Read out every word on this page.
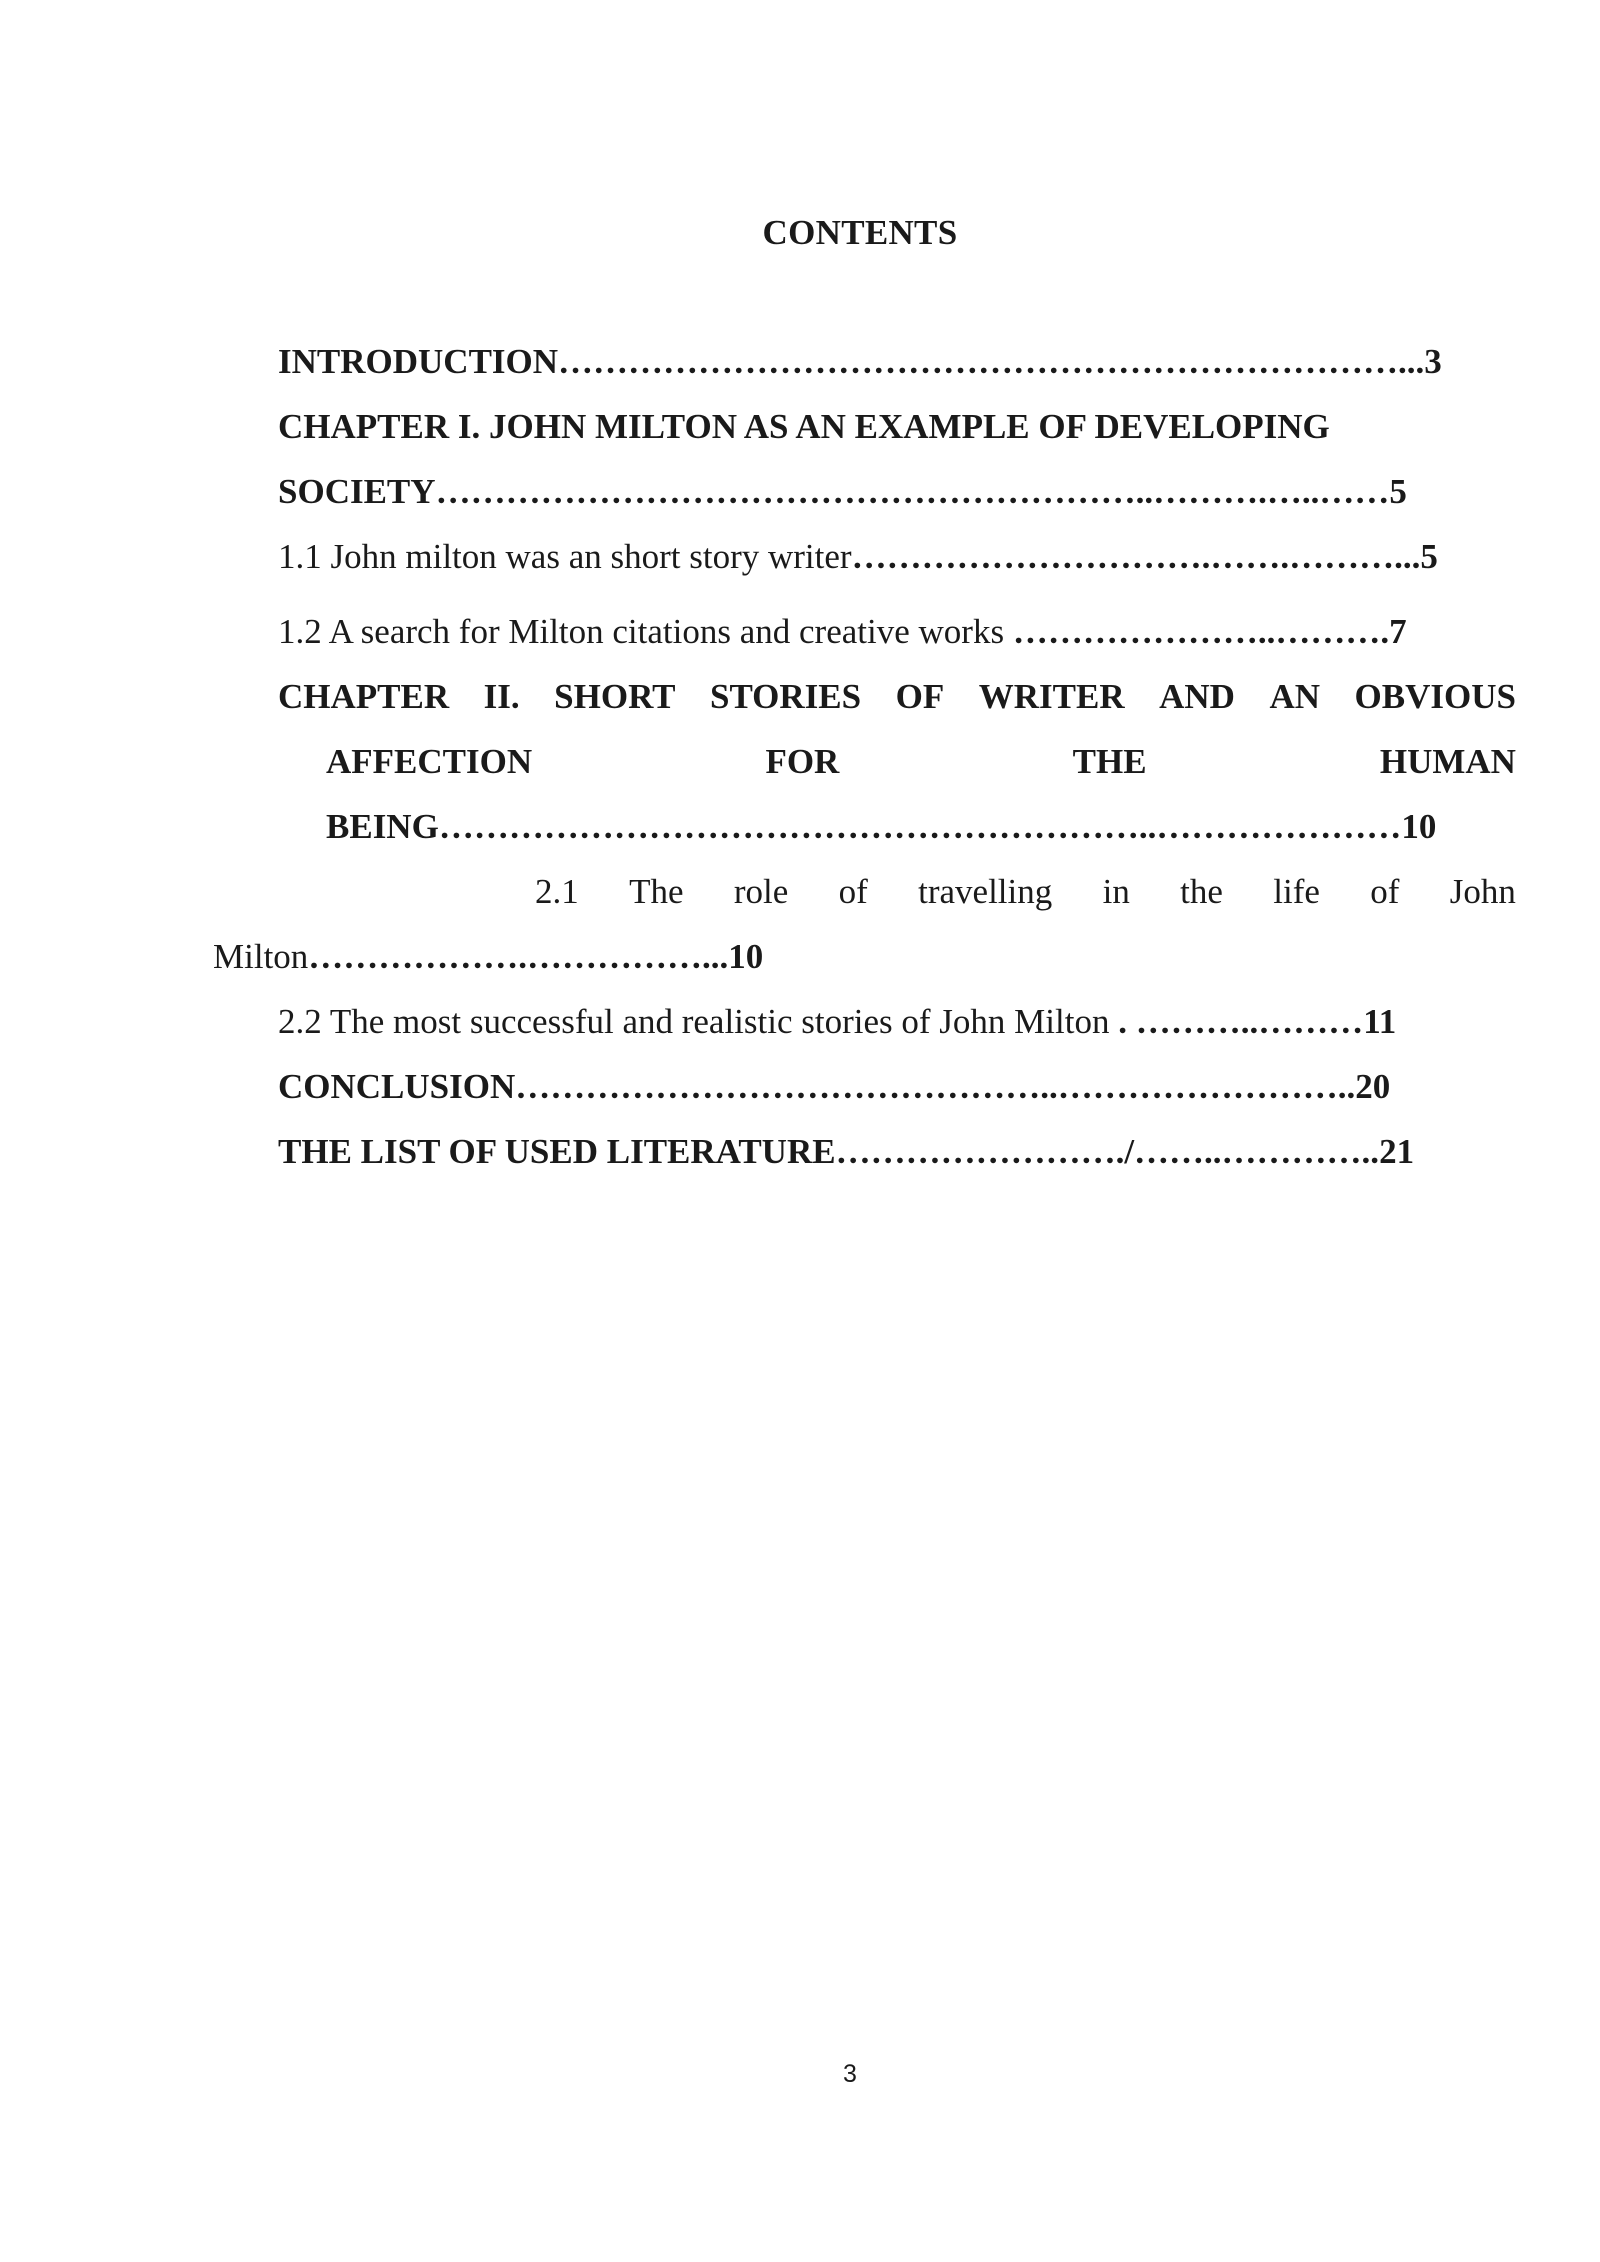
CONTENTS
INTRODUCTION………………………………………………………………...3
CHAPTER I. JOHN MILTON AS AN EXAMPLE OF DEVELOPING
SOCIETY……………………………………………………..……….…..……5
1.1 John milton was an short story writer………………………….…….………...5
1.2 A search for Milton citations and creative works …………………..……….7
CHAPTER II. SHORT STORIES OF WRITER AND AN OBVIOUS
AFFECTION	FOR	THE	HUMAN
BEING……………………………………………………..…………………10
2.1 The role of travelling in the life of John
Milton……………….……………...10
2.2 The most successful and realistic stories of John Milton . ………..………11
CONCLUSION………………………………………..……………………..20
THE LIST OF USED LITERATURE……………………./……..…………..21
3
